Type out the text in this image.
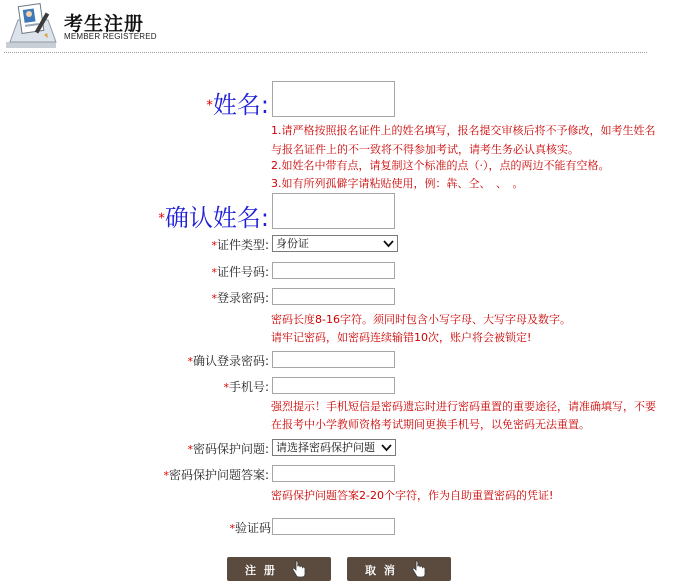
考生注册
MEMBER REGISTERED
*姓名:
1.请严格按照报名证件上的姓名填写，报名提交审核后将不予修改，如考生姓名
与报名证件上的不一致将不得参加考试，请考生务必认真核实。
2.如姓名中带有点，请复制这个标准的点（·），点的两边不能有空格。
3.如有所列孤僻字请粘贴使用，例：犇、仝、　、　。
*确认姓名:
*证件类型: 身份证
*证件号码:
*登录密码:
密码长度8-16字符。须同时包含小写字母、大写字母及数字。
请牢记密码，如密码连续输错10次，账户将会被锁定!
*确认登录密码:
*手机号:
强烈提示！手机短信是密码遗忘时进行密码重置的重要途径，请准确填写，不要
在报考中小学教师资格考试期间更换手机号，以免密码无法重置。
*密码保护问题: 请选择密码保护问题
*密码保护问题答案:
密码保护问题答案2-20个字符，作为自助重置密码的凭证!
*验证码
注 册	取 消
